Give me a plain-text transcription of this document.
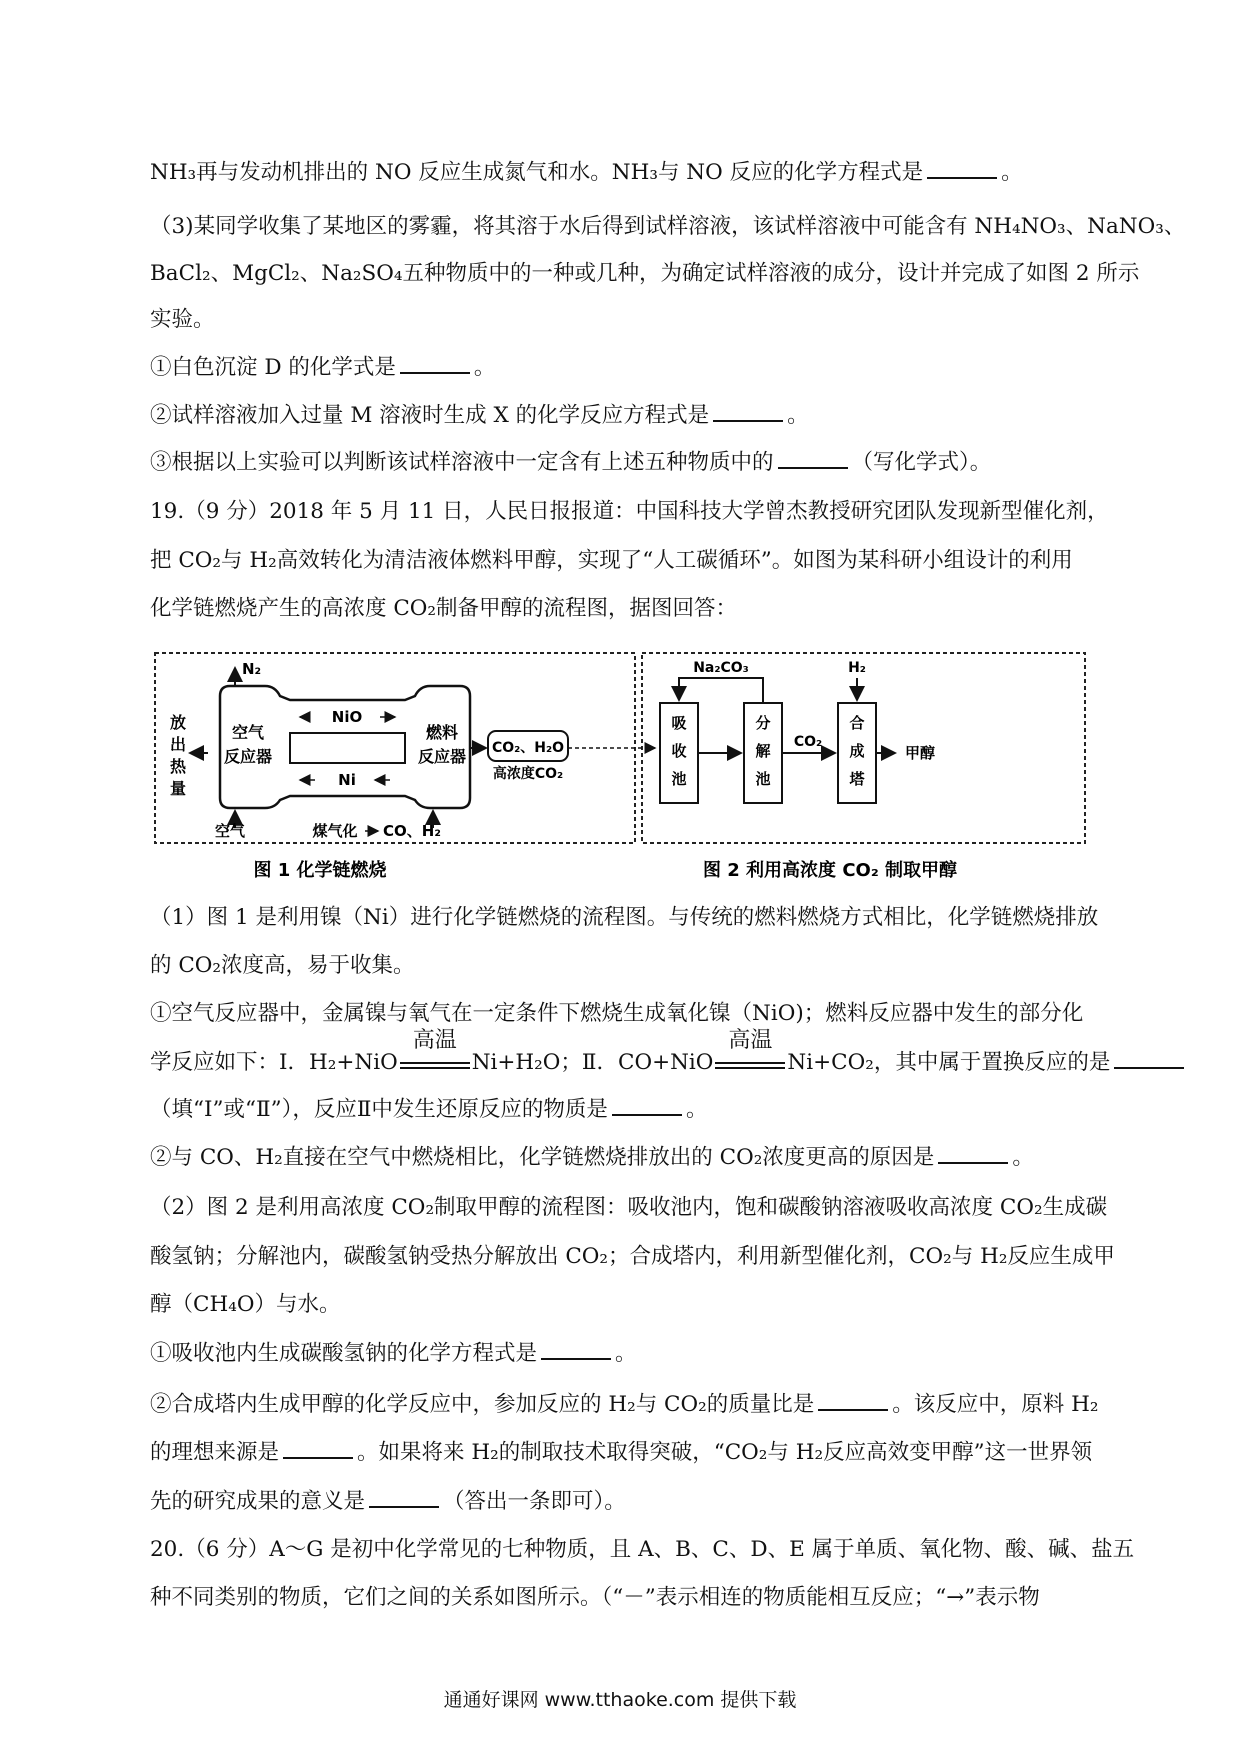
NH₃再与发动机排出的 NO 反应生成氮气和水。NH₃与 NO 反应的化学方程式是	。
（3)某同学收集了某地区的雾霾，将其溶于水后得到试样溶液，该试样溶液中可能含有 NH₄NO₃、NaNO₃、
BaCl₂、MgCl₂、Na₂SO₄五种物质中的一种或几种，为确定试样溶液的成分，设计并完成了如图 2 所示
实验。
①白色沉淀 D 的化学式是	。
②试样溶液加入过量 M 溶液时生成 X 的化学反应方程式是	。
③根据以上实验可以判断该试样溶液中一定含有上述五种物质中的	（写化学式）。
19.（9 分）2018 年 5 月 11 日，人民日报报道：中国科技大学曾杰教授研究团队发现新型催化剂，
把 CO₂与 H₂高效转化为清洁液体燃料甲醇，实现了“人工碳循环”。如图为某科研小组设计的利用
化学链燃烧产生的高浓度 CO₂制备甲醇的流程图，据图回答：
放
出
热
量
空气
反应器
燃料
反应器
NiO
Ni
N₂
空气	煤气化 CO、H₂
CO₂、H₂O
高浓度CO₂
吸
收
池
分
解
池
合
成
塔
Na₂CO₃
CO₂
H₂
甲醇
图 1 化学链燃烧	图 2 利用高浓度 CO₂ 制取甲醇
（1）图 1 是利用镍（Ni）进行化学链燃烧的流程图。与传统的燃料燃烧方式相比，化学链燃烧排放
的 CO₂浓度高，易于收集。
①空气反应器中，金属镍与氧气在一定条件下燃烧生成氧化镍（NiO)；燃料反应器中发生的部分化
学反应如下：Ⅰ．H₂+NiO
高温
Ni+H₂O；Ⅱ．CO+NiO
高温
Ni+CO₂，其中属于置换反应的是
（填“Ⅰ”或“Ⅱ”），反应Ⅱ中发生还原反应的物质是	。
②与 CO、H₂直接在空气中燃烧相比，化学链燃烧排放出的 CO₂浓度更高的原因是	。
（2）图 2 是利用高浓度 CO₂制取甲醇的流程图：吸收池内，饱和碳酸钠溶液吸收高浓度 CO₂生成碳
酸氢钠；分解池内，碳酸氢钠受热分解放出 CO₂；合成塔内，利用新型催化剂，CO₂与 H₂反应生成甲
醇（CH₄O）与水。
①吸收池内生成碳酸氢钠的化学方程式是	。
②合成塔内生成甲醇的化学反应中，参加反应的 H₂与 CO₂的质量比是	。该反应中，原料 H₂
的理想来源是	。如果将来 H₂的制取技术取得突破，“CO₂与 H₂反应高效变甲醇”这一世界领
先的研究成果的意义是	（答出一条即可）。
20.（6 分）A～G 是初中化学常见的七种物质，且 A、B、C、D、E 属于单质、氧化物、酸、碱、盐五
种不同类别的物质，它们之间的关系如图所示。（“－”表示相连的物质能相互反应；“→”表示物
通通好课网 www.tthaoke.com 提供下载
